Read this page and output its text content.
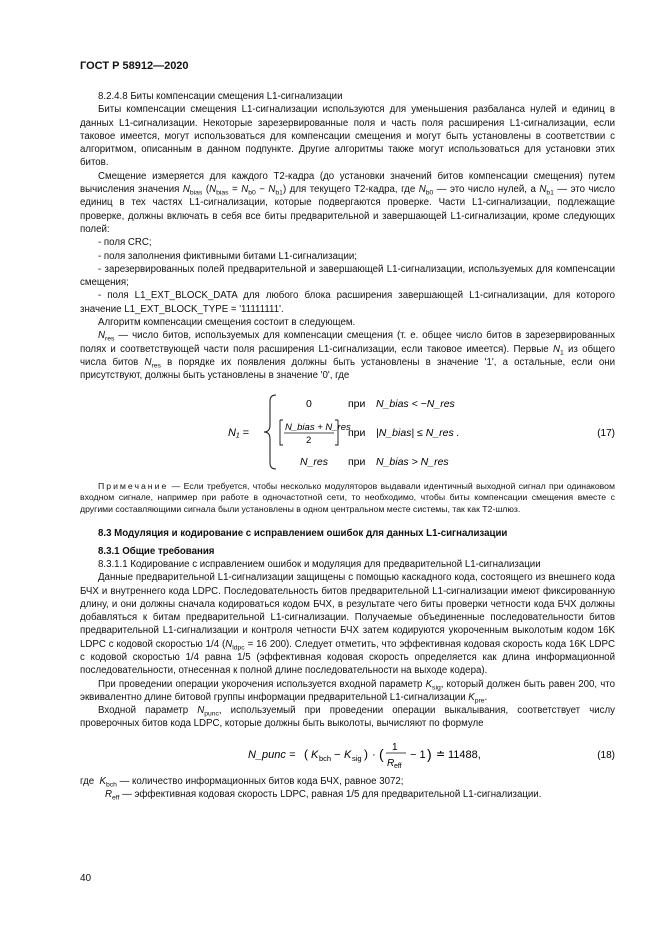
ГОСТ Р 58912—2020

8.2.4.8 Биты компенсации смещения L1-сигнализации

Биты компенсации смещения L1-сигнализации используются для уменьшения разбаланса нулей и единиц в данных L1-сигнализации. Некоторые зарезервированные поля и часть поля расширения L1-сигнализации, если таковое имеется, могут использоваться для компенсации смещения и могут быть установлены в соответствии с алгоритмом, описанным в данном подпункте. Другие алгоритмы также могут использоваться для установки этих битов.

Смещение измеряется для каждого T2-кадра (до установки значений битов компенсации смещения) путем вычисления значения $N_{bias}$ $(N_{bias} = N_{b0} - N_{b1})$ для текущего T2-кадра, где $N_{b0}$ — это число нулей, а $N_{b1}$ — это число единиц в тех частях L1-сигнализации, которые подвергаются проверке. Части L1-сигнализации, подлежащие проверке, должны включать в себя все биты предварительной и завершающей L1-сигнализации, кроме следующих полей:

- поля CRC;

- поля заполнения фиктивными битами L1-сигнализации;

- зарезервированных полей предварительной и завершающей L1-сигнализации, используемых для компенсации смещения;

- поля L1_EXT_BLOCK_DATA для любого блока расширения завершающей L1-сигнализации, для которого значение L1_EXT_BLOCK_TYPE = '11111111'.

Алгоритм компенсации смещения состоит в следующем.

$N_{res}$ — число битов, используемых для компенсации смещения (т. е. общее число битов в зарезервированных полях и соответствующей части поля расширения L1-сигнализации, если таковое имеется). Первые $N_1$ из общего числа битов $N_{res}$ в порядке их появления должны быть установлены в значение '1', а остальные, если они присутствуют, должны быть установлены в значение '0', где

N₁ =
0	при N_bias < −N_res
N_bias + N_res
2
при |N_bias| ≤ N_res .
N_res при N_bias > N_res
(17)

Примечание — Если требуется, чтобы несколько модуляторов выдавали идентичный выходной сигнал при одинаковом входном сигнале, например при работе в одночастотной сети, то необходимо, чтобы биты компенсации смещения вместе с другими составляющими сигнала были установлены в одном центральном месте системы, так как T2-шлюз.

8.3 Модуляция и кодирование с исправлением ошибок для данных L1-сигнализации

8.3.1 Общие требования

8.3.1.1 Кодирование с исправлением ошибок и модуляция для предварительной L1-сигнализации

Данные предварительной L1-сигнализации защищены с помощью каскадного кода, состоящего из внешнего кода БЧХ и внутреннего кода LDPC. Последовательность битов предварительной L1-сигнализации имеют фиксированную длину, и они должны сначала кодироваться кодом БЧХ, в результате чего биты проверки четности кода БЧХ должны добавляться к битам предварительной L1-сигнализации. Получаемые объединенные последовательности битов предварительной L1-сигнализации и контроля четности БЧХ затем кодируются укороченным выколотым кодом 16K LDPC с кодовой скоростью 1/4 ($N_{ldpc} = 16$ 200). Следует отметить, что эффективная кодовая скорость кода 16K LDPC с кодовой скоростью 1/4 равна 1/5 (эффективная кодовая скорость определяется как длина информационной последовательности, отнесенная к полной длине последовательности на выходе кодера).

При проведении операции укорочения используется входной параметр $K_{sig}$, который должен быть равен 200, что эквивалентно длине битовой группы информации предварительной L1-сигнализации $K_{pre}$.

Входной параметр $N_{punc}$, используемый при проведении операции выкалывания, соответствует числу проверочных битов кода LDPC, которые должны быть выколоты, вычисляют по формуле

N_punc = ( K bch − K sig ) · ( 1
R eff
− 1 ) ≐ 11488,	(18)

где $K_{bch}$ — количество информационных битов кода БЧХ, равное 3072;

$R_{eff}$ — эффективная кодовая скорость LDPC, равная 1/5 для предварительной L1-сигнализации.

40
